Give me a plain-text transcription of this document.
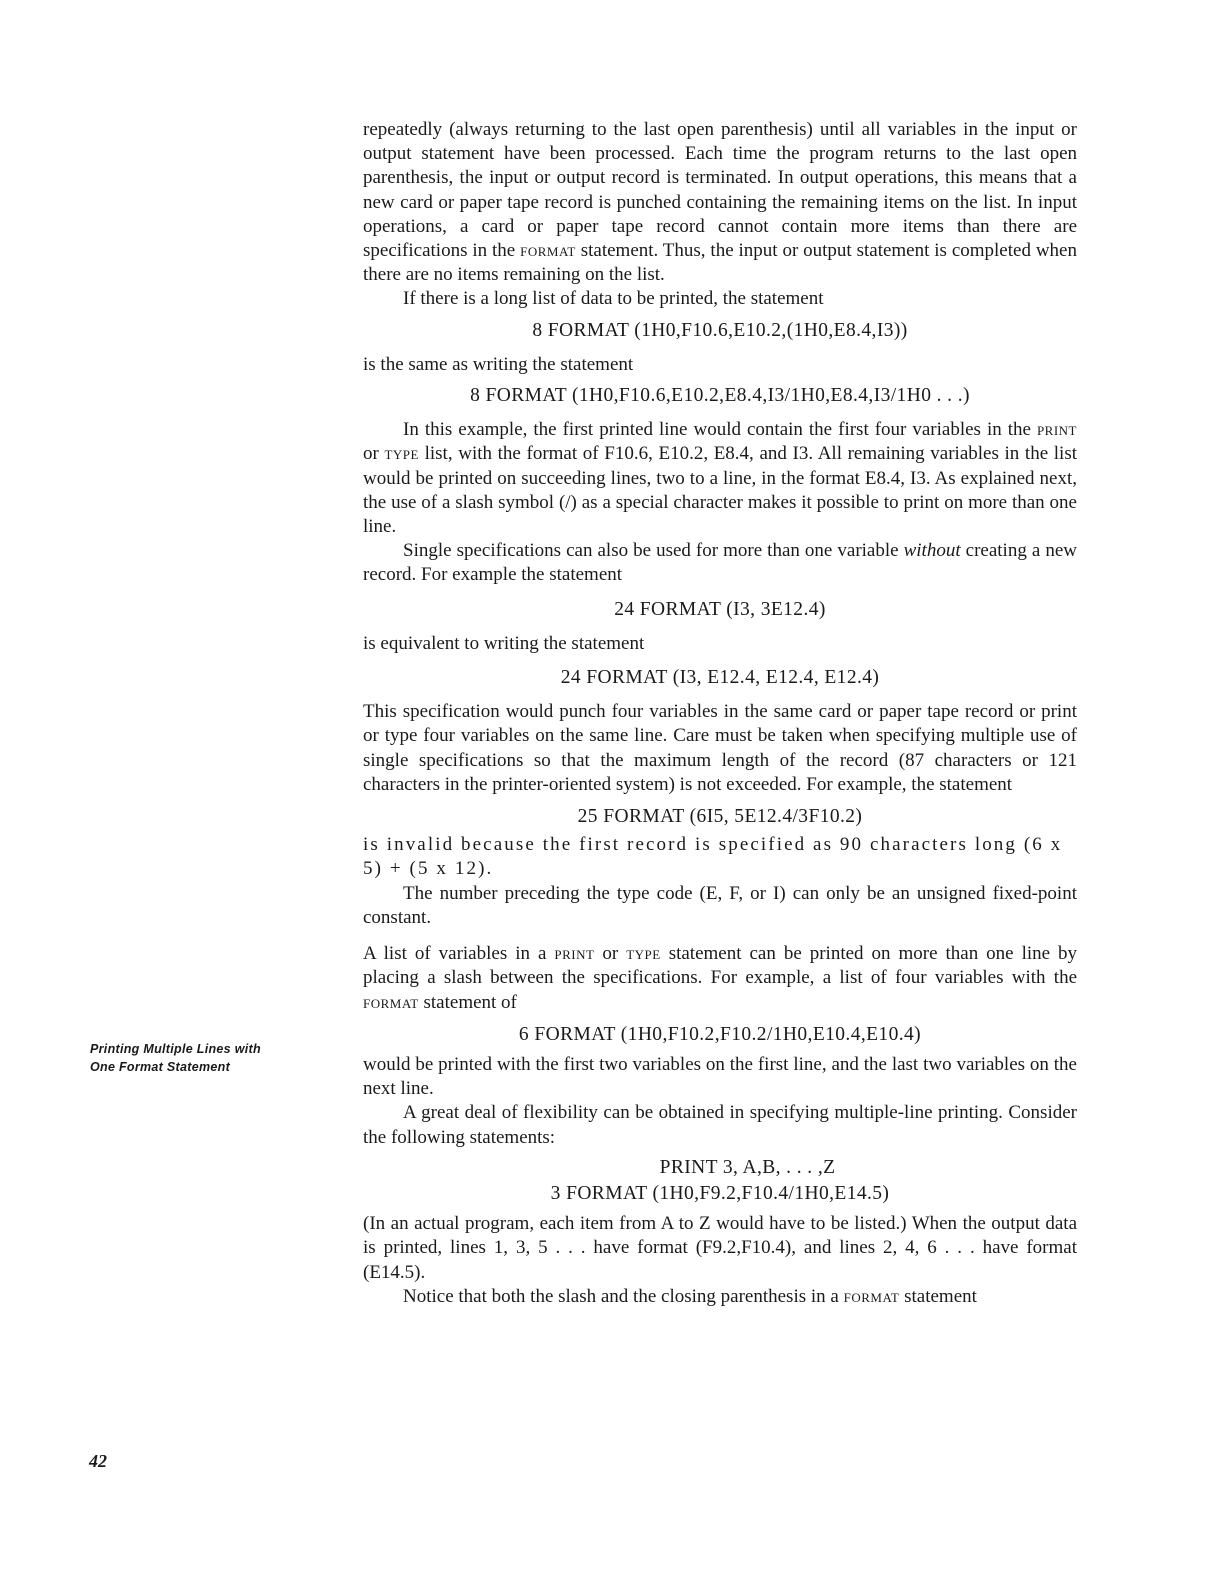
repeatedly (always returning to the last open parenthesis) until all variables in the input or output statement have been processed. Each time the program returns to the last open parenthesis, the input or output record is terminated. In output operations, this means that a new card or paper tape record is punched containing the remaining items on the list. In input operations, a card or paper tape record cannot contain more items than there are specifications in the format statement. Thus, the input or output statement is completed when there are no items remaining on the list.

If there is a long list of data to be printed, the statement

8 FORMAT (1H0,F10.6,E10.2,(1H0,E8.4,I3))

is the same as writing the statement

8 FORMAT (1H0,F10.6,E10.2,E8.4,I3/1H0,E8.4,I3/1H0 . . .)

In this example, the first printed line would contain the first four variables in the print or type list, with the format of F10.6, E10.2, E8.4, and I3. All remaining variables in the list would be printed on succeeding lines, two to a line, in the format E8.4, I3. As explained next, the use of a slash symbol (/) as a special character makes it possible to print on more than one line.

Single specifications can also be used for more than one variable without creating a new record. For example the statement

24 FORMAT (I3, 3E12.4)

is equivalent to writing the statement

24 FORMAT (I3, E12.4, E12.4, E12.4)

This specification would punch four variables in the same card or paper tape record or print or type four variables on the same line. Care must be taken when specifying multiple use of single specifications so that the maximum length of the record (87 characters or 121 characters in the printer-oriented system) is not exceeded. For example, the statement

25 FORMAT (6I5, 5E12.4/3F10.2)

is invalid because the first record is specified as 90 characters long (6 x 5) + (5 x 12).

The number preceding the type code (E, F, or I) can only be an unsigned fixed-point constant.

A list of variables in a print or type statement can be printed on more than one line by placing a slash between the specifications. For example, a list of four variables with the format statement of

6 FORMAT (1H0,F10.2,F10.2/1H0,E10.4,E10.4)

would be printed with the first two variables on the first line, and the last two variables on the next line.

A great deal of flexibility can be obtained in specifying multiple-line printing. Consider the following statements:

PRINT 3, A,B, . . . ,Z

3 FORMAT (1H0,F9.2,F10.4/1H0,E14.5)

(In an actual program, each item from A to Z would have to be listed.) When the output data is printed, lines 1, 3, 5 . . . have format (F9.2,F10.4), and lines 2, 4, 6 . . . have format (E14.5).

Notice that both the slash and the closing parenthesis in a format statement

Printing Multiple Lines with
One Format Statement
42
